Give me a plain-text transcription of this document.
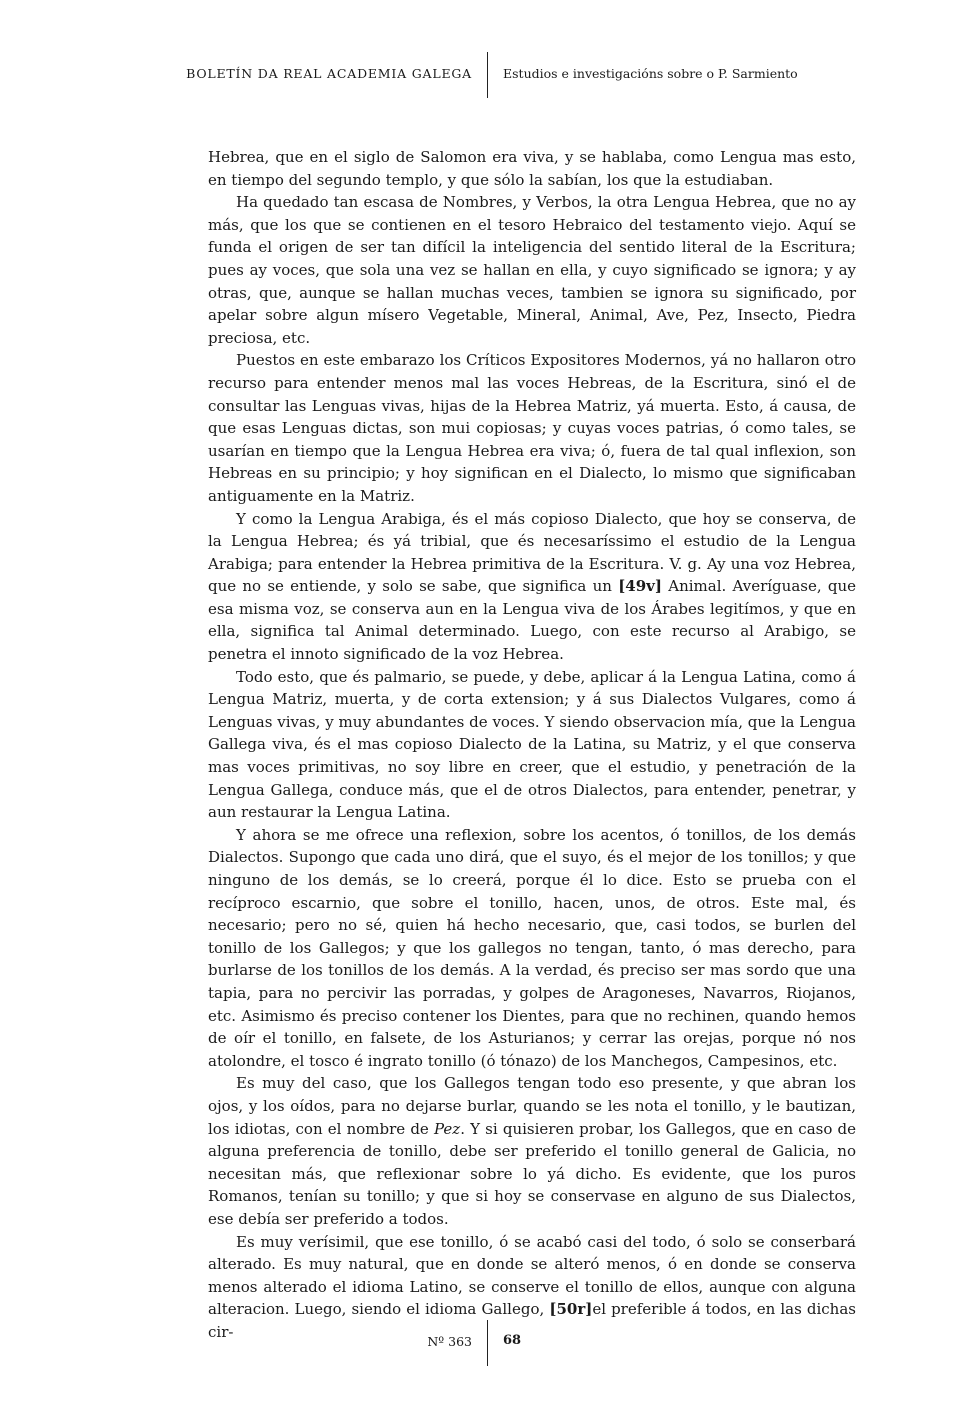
BOLETÍN DA REAL ACADEMIA GALEGA Estudios e investigacións sobre o P. Sarmiento

Hebrea, que en el siglo de Salomon era viva, y se hablaba, como Lengua mas esto, en tiempo del segundo templo, y que sólo la sabían, los que la estudiaban.

Ha quedado tan escasa de Nombres, y Verbos, la otra Lengua Hebrea, que no ay más, que los que se contienen en el tesoro Hebraico del testamento viejo. Aquí se funda el origen de ser tan difícil la inteligencia del sentido literal de la Escritura; pues ay voces, que sola una vez se hallan en ella, y cuyo significado se ignora; y ay otras, que, aunque se hallan muchas veces, tambien se ignora su significado, por apelar sobre algun mísero Vegetable, Mineral, Animal, Ave, Pez, Insecto, Piedra preciosa, etc.

Puestos en este embarazo los Críticos Expositores Modernos, yá no hallaron otro recurso para entender menos mal las voces Hebreas, de la Escritura, sinó el de consultar las Lenguas vivas, hijas de la Hebrea Matriz, yá muerta. Esto, á causa, de que esas Lenguas dictas, son mui copiosas; y cuyas voces patrias, ó como tales, se usarían en tiempo que la Lengua Hebrea era viva; ó, fuera de tal qual inflexion, son Hebreas en su principio; y hoy significan en el Dialecto, lo mismo que significaban antiguamente en la Matriz.

Y como la Lengua Arabiga, és el más copioso Dialecto, que hoy se conserva, de la Lengua Hebrea; és yá tribial, que és necesaríssimo el estudio de la Lengua Arabiga; para entender la Hebrea primitiva de la Escritura. V. g. Ay una voz Hebrea, que no se entiende, y solo se sabe, que significa un [49v] Animal. Averíguase, que esa misma voz, se conserva aun en la Lengua viva de los Árabes legitímos, y que en ella, significa tal Animal determinado. Luego, con este recurso al Arabigo, se penetra el innoto significado de la voz Hebrea.

Todo esto, que és palmario, se puede, y debe, aplicar á la Lengua Latina, como á Lengua Matriz, muerta, y de corta extension; y á sus Dialectos Vulgares, como á Lenguas vivas, y muy abundantes de voces. Y siendo observacion mía, que la Lengua Gallega viva, és el mas copioso Dialecto de la Latina, su Matriz, y el que conserva mas voces primitivas, no soy libre en creer, que el estudio, y penetración de la Lengua Gallega, conduce más, que el de otros Dialectos, para entender, penetrar, y aun restaurar la Lengua Latina.

Y ahora se me ofrece una reflexion, sobre los acentos, ó tonillos, de los demás Dialectos. Supongo que cada uno dirá, que el suyo, és el mejor de los tonillos; y que ninguno de los demás, se lo creerá, porque él lo dice. Esto se prueba con el recíproco escarnio, que sobre el tonillo, hacen, unos, de otros. Este mal, és necesario; pero no sé, quien há hecho necesario, que, casi todos, se burlen del tonillo de los Gallegos; y que los gallegos no tengan, tanto, ó mas derecho, para burlarse de los tonillos de los demás. A la verdad, és preciso ser mas sordo que una tapia, para no percivir las porradas, y golpes de Aragoneses, Navarros, Riojanos, etc. Asimismo és preciso contener los Dientes, para que no rechinen, quando hemos de oír el tonillo, en falsete, de los Asturianos; y cerrar las orejas, porque nó nos atolondre, el tosco é ingrato tonillo (ó tónazo) de los Manchegos, Campesinos, etc.

Es muy del caso, que los Gallegos tengan todo eso presente, y que abran los ojos, y los oídos, para no dejarse burlar, quando se les nota el tonillo, y le bautizan, los idiotas, con el nombre de Pez. Y si quisieren probar, los Gallegos, que en caso de alguna preferencia de tonillo, debe ser preferido el tonillo general de Galicia, no necesitan más, que reflexionar sobre lo yá dicho. Es evidente, que los puros Romanos, tenían su tonillo; y que si hoy se conservase en alguno de sus Dialectos, ese debía ser preferido a todos.

Es muy verísimil, que ese tonillo, ó se acabó casi del todo, ó solo se conserbará alterado. Es muy natural, que en donde se alteró menos, ó en donde se conserva menos alterado el idioma Latino, se conserve el tonillo de ellos, aunque con alguna alteracion. Luego, siendo el idioma Gallego, [50r]el preferible á todos, en las dichas cir-

Nº 363 68
